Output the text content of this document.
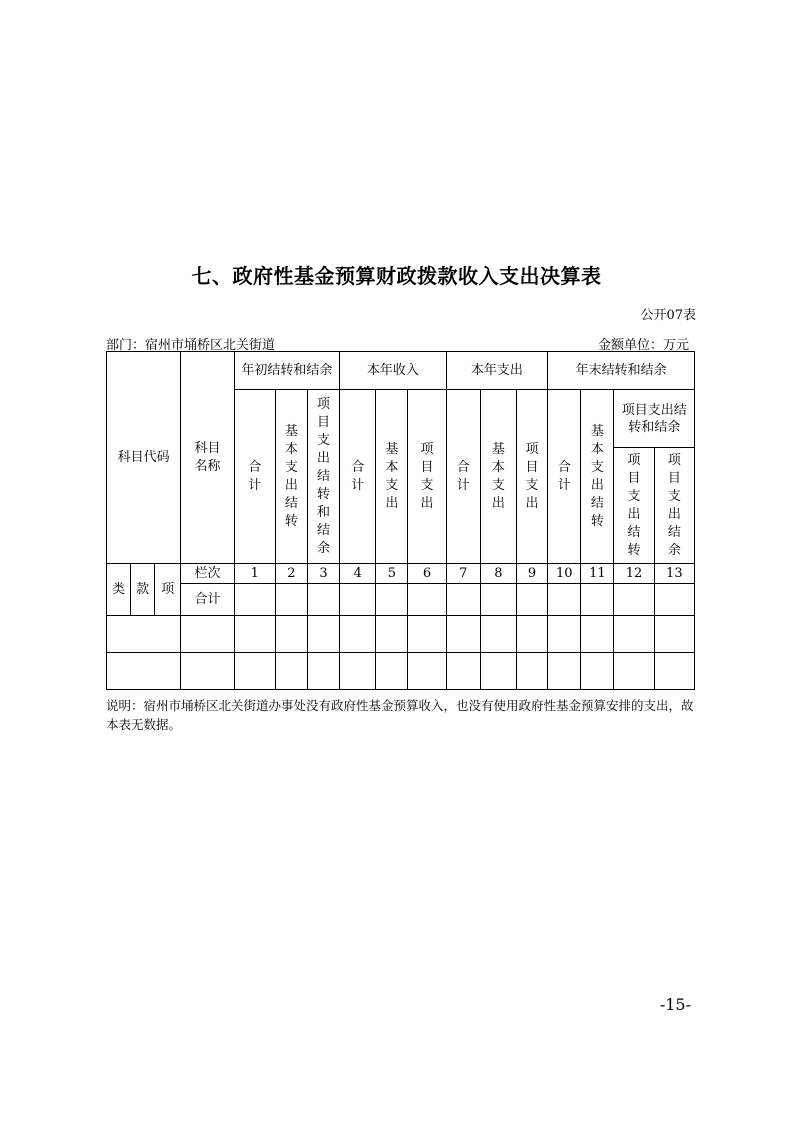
七、政府性基金预算财政拨款收入支出决算表
公开07表
部门：宿州市埇桥区北关街道	金额单位：万元
科目代码			科目名称	年初结转和结余			本年收入			本年支出			年末结转和结余			
				合计	基本支出结转	项目支出结转和结余	合计	基本支出	项目支出	合计	基本支出	项目支出	合计	基本支出结转	项目支出结转和结余	
															项目支出结转	项目支出结余
类	款	项	栏次	1	2	3	4	5	6	7	8	9	10	11	12	13
			合计													

说明：宿州市埇桥区北关街道办事处没有政府性基金预算收入，也没有使用政府性基金预算安排的支出，故本表无数据。
-15-
